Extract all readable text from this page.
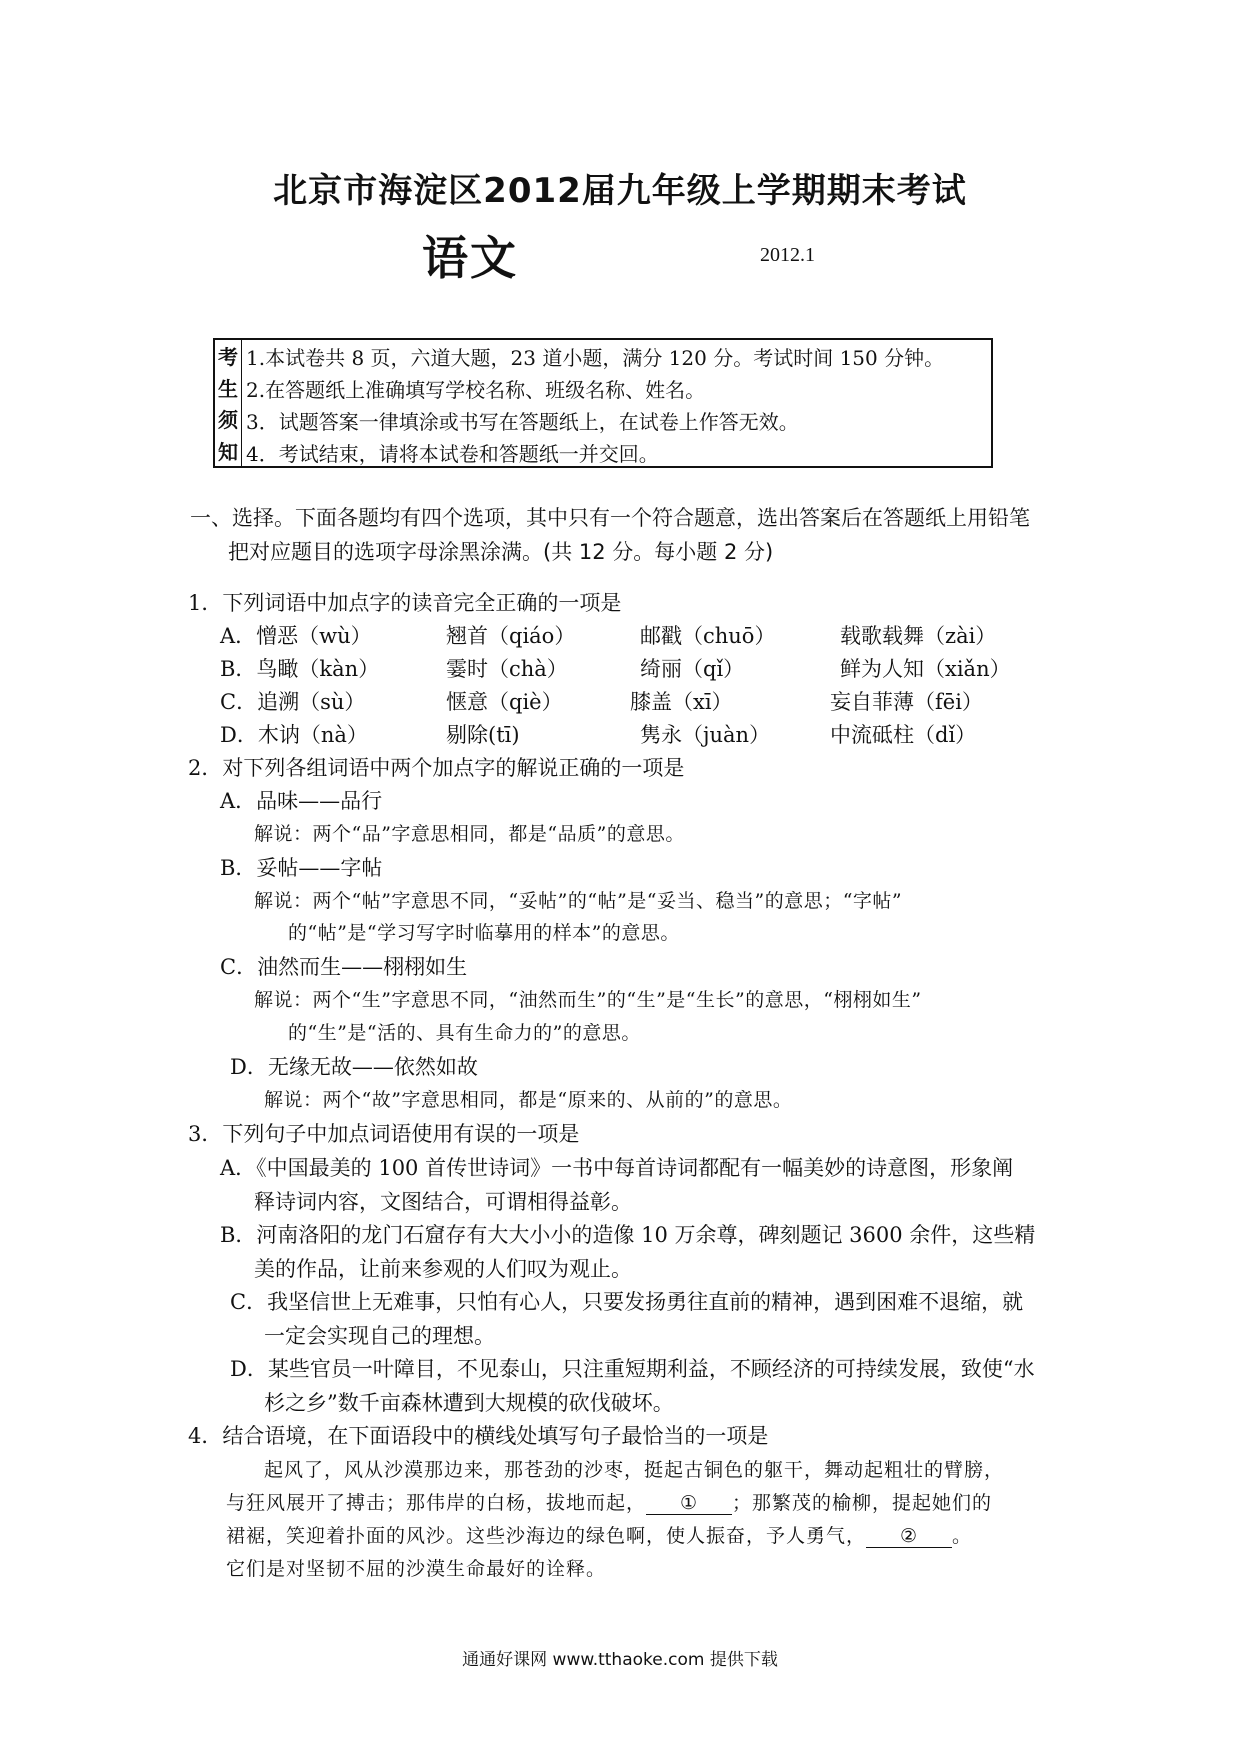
北京市海淀区2012届九年级上学期期末考试
语文	2012.1
考
生
须
知
1.本试卷共 8 页，六道大题，23 道小题，满分 120 分。考试时间 150 分钟。
2.在答题纸上准确填写学校名称、班级名称、姓名。
3．试题答案一律填涂或书写在答题纸上，在试卷上作答无效。
4．考试结束，请将本试卷和答题纸一并交回。
一、选择。下面各题均有四个选项，其中只有一个符合题意，选出答案后在答题纸上用铅笔
把对应题目的选项字母涂黑涂满。(共 12 分。每小题 2 分)
1．下列词语中加点字的读音完全正确的一项是
A．憎恶（wù）	翘首（qiáo）	邮戳（chuō）	载歌载舞（zài）
B．鸟瞰（kàn）	霎时（chà）	绮丽（qǐ）	鲜为人知（xiǎn）
C．追溯（sù）	惬意（qiè）	膝盖（xī）	妄自菲薄（fēi）
D．木讷（nà）	剔除(tī)	隽永（juàn）	中流砥柱（dǐ）
2．对下列各组词语中两个加点字的解说正确的一项是
A．品味——品行
解说：两个“品”字意思相同，都是“品质”的意思。
B．妥帖——字帖
解说：两个“帖”字意思不同，“妥帖”的“帖”是“妥当、稳当”的意思；“字帖”
的“帖”是“学习写字时临摹用的样本”的意思。
C．油然而生——栩栩如生
解说：两个“生”字意思不同，“油然而生”的“生”是“生长”的意思，“栩栩如生”
的“生”是“活的、具有生命力的”的意思。
D．无缘无故——依然如故
解说：两个“故”字意思相同，都是“原来的、从前的”的意思。
3．下列句子中加点词语使用有误的一项是
A．《中国最美的 100 首传世诗词》一书中每首诗词都配有一幅美妙的诗意图，形象阐
释诗词内容，文图结合，可谓相得益彰。
B．河南洛阳的龙门石窟存有大大小小的造像 10 万余尊，碑刻题记 3600 余件，这些精
美的作品，让前来参观的人们叹为观止。
C．我坚信世上无难事，只怕有心人，只要发扬勇往直前的精神，遇到困难不退缩，就
一定会实现自己的理想。
D．某些官员一叶障目，不见泰山，只注重短期利益，不顾经济的可持续发展，致使“水
杉之乡”数千亩森林遭到大规模的砍伐破坏。
4．结合语境，在下面语段中的横线处填写句子最恰当的一项是
起风了，风从沙漠那边来，那苍劲的沙枣，挺起古铜色的躯干，舞动起粗壮的臂膀，
与狂风展开了搏击；那伟岸的白杨，拔地而起， ① ；那繁茂的榆柳，提起她们的
裙裾，笑迎着扑面的风沙。这些沙海边的绿色啊，使人振奋，予人勇气， ② 。
它们是对坚韧不屈的沙漠生命最好的诠释。
通通好课网 www.tthaoke.com 提供下载
